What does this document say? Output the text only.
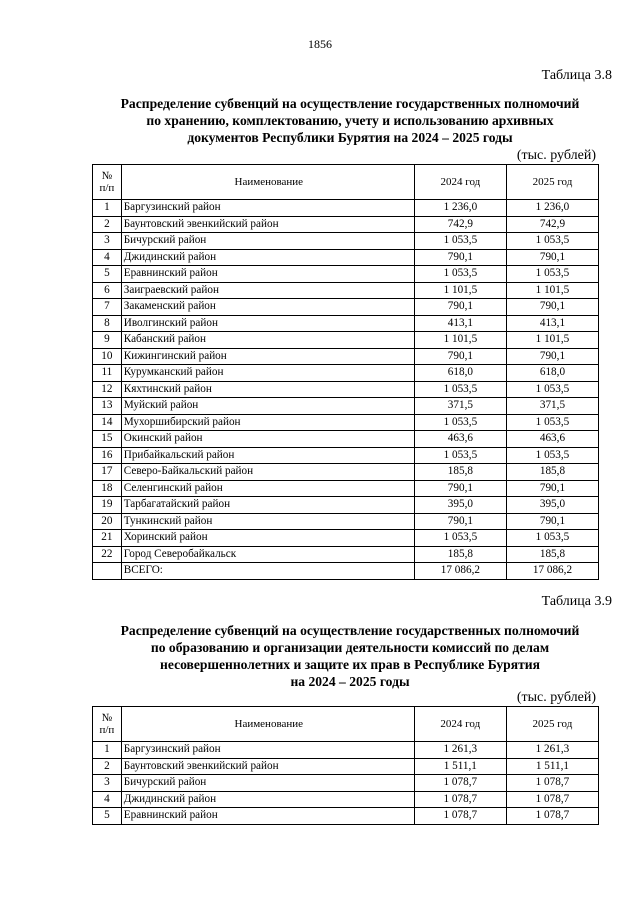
1856
Таблица 3.8
Распределение субвенций на осуществление государственных полномочий
по хранению, комплектованию, учету и использованию архивных
документов Республики Бурятия на 2024 – 2025 годы
(тыс. рублей)
№
п/п	Наименование	2024 год	2025 год
1	Баргузинский район	1 236,0	1 236,0
2	Баунтовский эвенкийский район	742,9	742,9
3	Бичурский район	1 053,5	1 053,5
4	Джидинский район	790,1	790,1
5	Еравнинский район	1 053,5	1 053,5
6	Заиграевский район	1 101,5	1 101,5
7	Закаменский район	790,1	790,1
8	Иволгинский район	413,1	413,1
9	Кабанский район	1 101,5	1 101,5
10	Кижингинский район	790,1	790,1
11	Курумканский район	618,0	618,0
12	Кяхтинский район	1 053,5	1 053,5
13	Муйский район	371,5	371,5
14	Мухоршибирский район	1 053,5	1 053,5
15	Окинский район	463,6	463,6
16	Прибайкальский район	1 053,5	1 053,5
17	Северо-Байкальский район	185,8	185,8
18	Селенгинский район	790,1	790,1
19	Тарбагатайский район	395,0	395,0
20	Тункинский район	790,1	790,1
21	Хоринский район	1 053,5	1 053,5
22	Город Северобайкальск	185,8	185,8
	ВСЕГО:	17 086,2	17 086,2
Таблица 3.9
Распределение субвенций на осуществление государственных полномочий
по образованию и организации деятельности комиссий по делам
несовершеннолетних и защите их прав в Республике Бурятия
на 2024 – 2025 годы
(тыс. рублей)
№
п/п	Наименование	2024 год	2025 год
1	Баргузинский район	1 261,3	1 261,3
2	Баунтовский эвенкийский район	1 511,1	1 511,1
3	Бичурский район	1 078,7	1 078,7
4	Джидинский район	1 078,7	1 078,7
5	Еравнинский район	1 078,7	1 078,7
